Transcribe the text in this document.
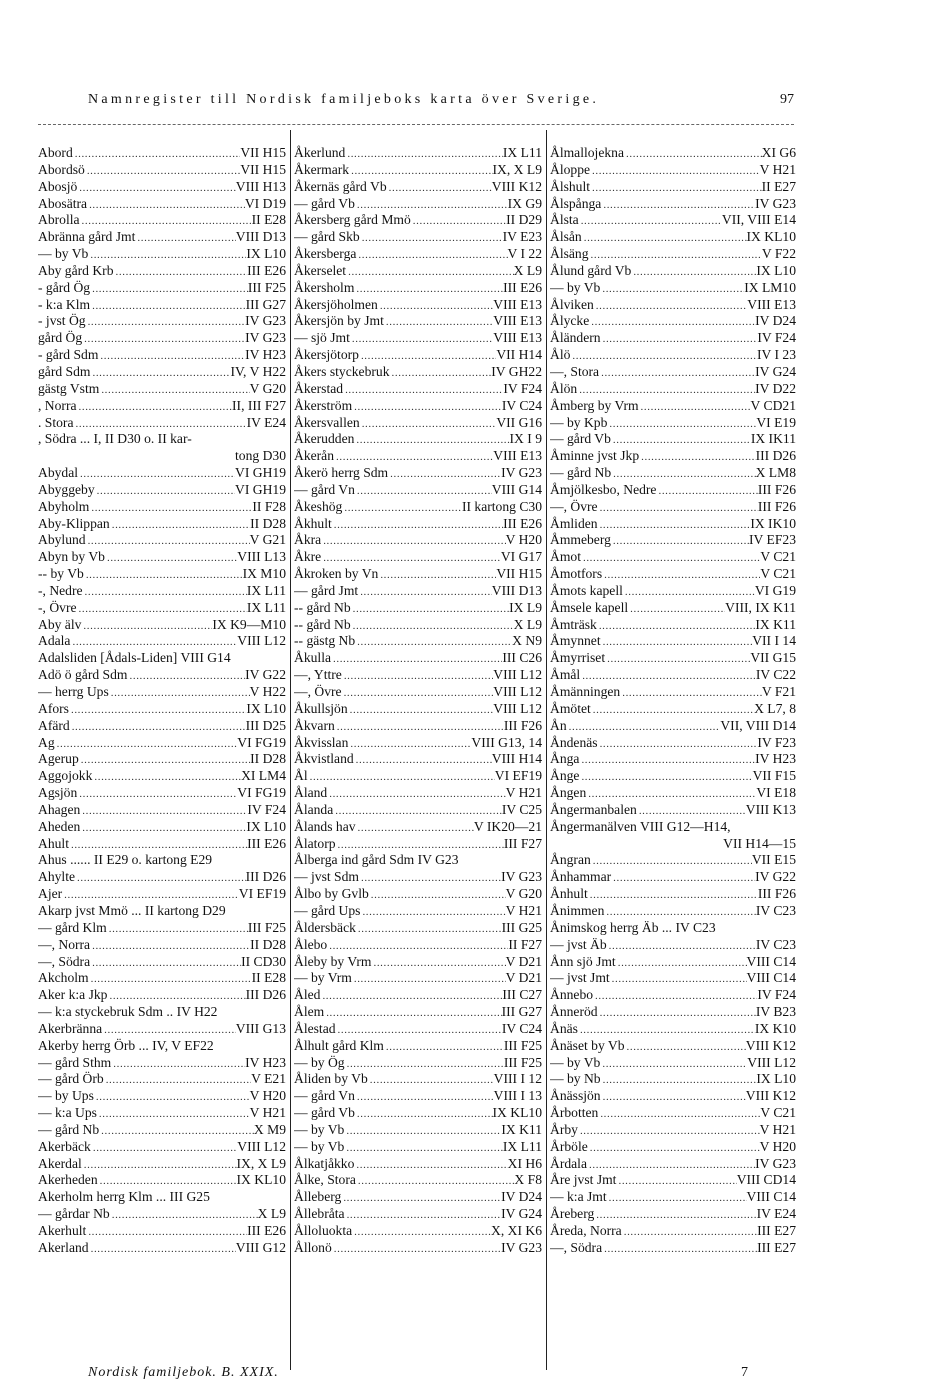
Namnregister till Nordisk familjeboks karta över Sverige.	97
Abord .....	VII H15
Abordsö .....	VII H15
Abosjö .....	VIII H13
Abosätra .....	VI D19
Abrolla .....	II E28
Abränna gård Jmt .....	VIII D13
— by Vb .....	IX L10
Aby gård Krb .....	III E26
- gård Ög .....	III F25
- k:a Klm .....	III G27
- jvst Ög .....	IV G23
gård Ög .....	IV G23
- gård Sdm .....	IV H23
gård Sdm .....	IV, V H22
gästg Vstm .....	V G20
, Norra .....	II, III F27
. Stora .....	IV E24
, Södra ... I, II D30 o. II kar-
tong D30
Abydal .....	VI GH19
Abyggeby .....	VI GH19
Abyholm .....	II F28
Aby-Klippan .....	II D28
Abylund .....	V G21
Abyn by Vb .....	VIII L13
-- by Vb .....	IX M10
-, Nedre .....	IX L11
-, Övre .....	IX L11
Aby älv .....	IX K9—M10
Adala .....	VIII L12
Adalsliden [Ådals-Liden] VIII G14
Adö ö gård Sdm .....	IV G22
— herrg Ups .....	V H22
Afors .....	IX L10
Afärd .....	III D25
Ag .....	VI FG19
Agerup .....	II D28
Aggojokk .....	XI LM4
Agsjön .....	VI FG19
Ahagen .....	IV F24
Aheden .....	IX L10
Ahult .....	III E26
Ahus ...... II E29 o. kartong E29
Ahylte .....	III D26
Ajer .....	VI EF19
Akarp jvst Mmö ... II kartong D29
— gård Klm .....	III F25
—, Norra .....	II D28
—, Södra .....	II CD30
Akcholm .....	II E28
Aker k:a Jkp .....	III D26
— k:a styckebruk Sdm .. IV H22
Akerbränna .....	VIII G13
Akerby herrg Örb ... IV, V EF22
— gård Sthm .....	IV H23
— gård Örb .....	V E21
— by Ups .....	V H20
— k:a Ups .....	V H21
— gård Nb .....	X M9
Akerbäck .....	VIII L12
Akerdal .....	IX, X L9
Akerheden .....	IX KL10
Akerholm herrg Klm ... III G25
— gårdar Nb .....	X L9
Akerhult .....	III E26
Akerland .....	VIII G12
Åkerlund .....	IX L11
Åkermark .....	IX, X L9
Åkernäs gård Vb .....	VIII K12
— gård Vb .....	IX G9
Åkersberg gård Mmö .....	II D29
— gård Skb .....	IV E23
Åkersberga .....	V I 22
Åkerselet .....	X L9
Åkersholm .....	III E26
Åkersjöholmen .....	VIII E13
Åkersjön by Jmt .....	VIII E13
— sjö Jmt .....	VIII E13
Åkersjötorp .....	VII H14
Åkers styckebruk .....	IV GH22
Åkerstad .....	IV F24
Åkerström .....	IV C24
Åkersvallen .....	VII G16
Åkerudden .....	IX I 9
Åkerån .....	VIII E13
Åkerö herrg Sdm .....	IV G23
— gård Vn .....	VIII G14
Åkeshög .....	II kartong C30
Åkhult .....	III E26
Åkra .....	V H20
Åkre .....	VI G17
Åkroken by Vn .....	VII H15
— gård Jmt .....	VIII D13
-- gård Nb .....	IX L9
-- gård Nb .....	X L9
-- gästg Nb .....	X N9
Åkulla .....	III C26
—, Yttre .....	VIII L12
—, Övre .....	VIII L12
Åkullsjön .....	VIII L12
Åkvarn .....	III F26
Åkvisslan .....	VIII G13, 14
Åkvistland .....	VIII H14
Ål .....	VI EF19
Åland .....	V H21
Ålanda .....	IV C25
Ålands hav .....	V IK20—21
Ålatorp .....	III F27
Ålberga ind gård Sdm IV G23
— jvst Sdm .....	IV G23
Ålbo by Gvlb .....	V G20
— gård Ups .....	V H21
Åldersbäck .....	III G25
Ålebo .....	II F27
Åleby by Vrm .....	V D21
— by Vrm .....	V D21
Åled .....	III C27
Ålem .....	III G27
Ålestad .....	IV C24
Ålhult gård Klm .....	III F25
— by Ög .....	III F25
Åliden by Vb .....	VIII I 12
— gård Vn .....	VIII I 13
— gård Vb .....	IX KL10
— by Vb .....	IX K11
— by Vb .....	IX L11
Ålkatjåkko .....	XI H6
Ålke, Stora .....	X F8
Ålleberg .....	IV D24
Ållebråta .....	IV G24
Ålloluokta .....	X, XI K6
Ållonö .....	IV G23
Ålmallojekna .....	XI G6
Åloppe .....	V H21
Ålshult .....	II E27
Ålspånga .....	IV G23
Ålsta .....	VII, VIII E14
Ålsån .....	IX KL10
Ålsäng .....	V F22
Ålund gård Vb .....	IX L10
— by Vb .....	IX LM10
Ålviken .....	VIII E13
Ålycke .....	IV D24
Åländern .....	IV F24
Ålö .....	IV I 23
—, Stora .....	IV G24
Ålön .....	IV D22
Åmberg by Vrm .....	V CD21
— by Kpb .....	VI E19
— gård Vb .....	IX IK11
Åminne jvst Jkp .....	III D26
— gård Nb .....	X LM8
Åmjölkesbo, Nedre .....	III F26
—, Övre .....	III F26
Åmliden .....	IX IK10
Åmmeberg .....	IV EF23
Åmot .....	V C21
Åmotfors .....	V C21
Åmots kapell .....	VI G19
Åmsele kapell .....	VIII, IX K11
Åmträsk .....	IX K11
Åmynnet .....	VII I 14
Åmyrriset .....	VII G15
Åmål .....	IV C22
Åmänningen .....	V F21
Åmötet .....	X L7, 8
Ån .....	VII, VIII D14
Åndenäs .....	IV F23
Ånga .....	IV H23
Ånge .....	VII F15
Ången .....	VI E18
Ångermanbalen .....	VIII K13
Ångermanälven VIII G12—H14,
VII H14—15
Ångran .....	VII E15
Ånhammar .....	IV G22
Ånhult .....	III F26
Ånimmen .....	IV C23
Ånimskog herrg Äb ... IV C23
— jvst Äb .....	IV C23
Ånn sjö Jmt .....	VIII C14
— jvst Jmt .....	VIII C14
Ånnebo .....	IV F24
Ånneröd .....	IV B23
Ånäs .....	IX K10
Ånäset by Vb .....	VIII K12
— by Vb .....	VIII L12
— by Nb .....	IX L10
Ånässjön .....	VIII K12
Årbotten .....	V C21
Årby .....	V H21
Årböle .....	V H20
Årdala .....	IV G23
Åre jvst Jmt .....	VIII CD14
— k:a Jmt .....	VIII C14
Åreberg .....	IV E24
Åreda, Norra .....	III E27
—, Södra .....	III E27
Nordisk familjebok. B. XXIX.	7
